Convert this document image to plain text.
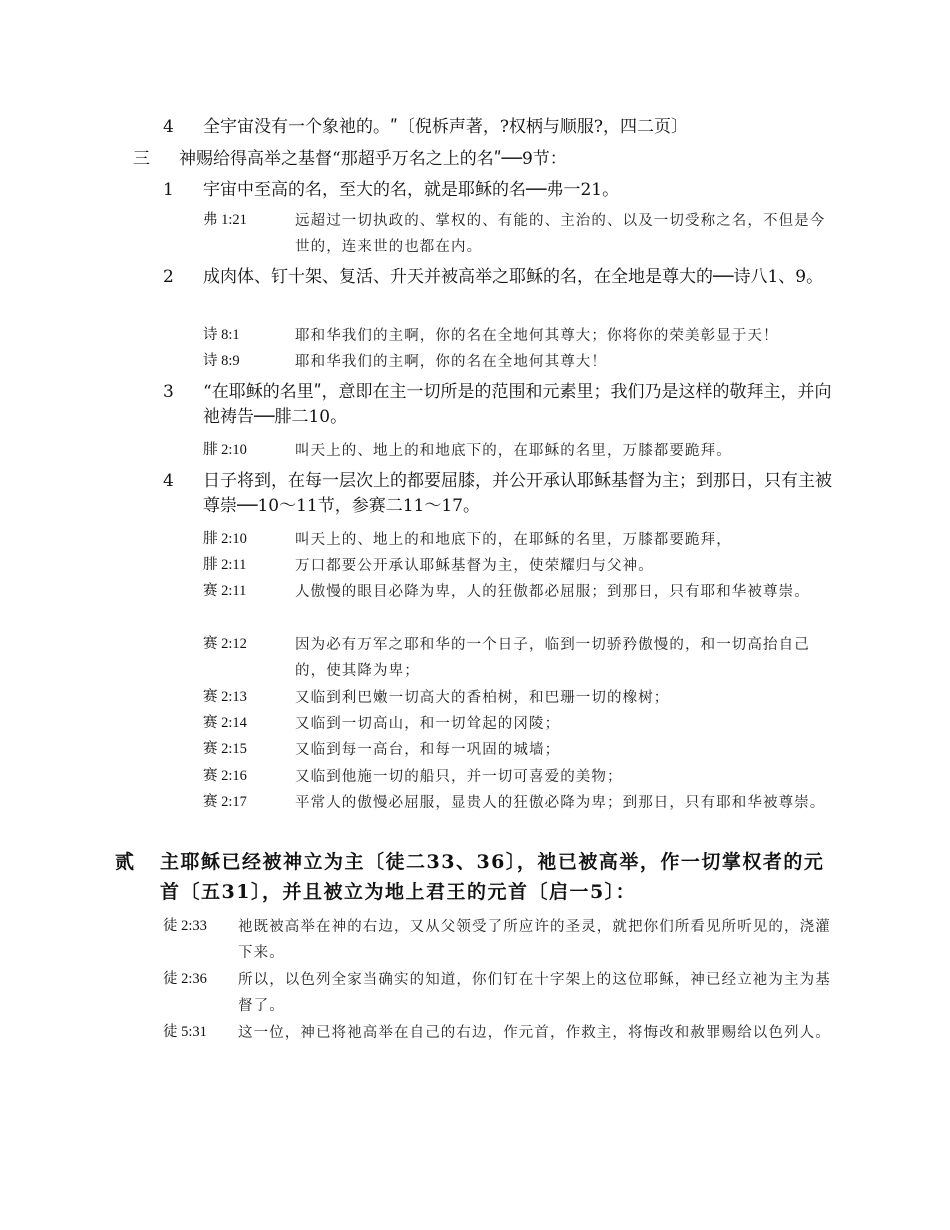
4	全宇宙没有一个象祂的。ʺ〔倪柝声著，?权柄与顺服?，四二页〕
三	神赐给得高举之基督“那超乎万名之上的名ʺ──9节：
1	宇宙中至高的名，至大的名，就是耶稣的名──弗一21。
弗 1:21	远超过一切执政的、掌权的、有能的、主治的、以及一切受称之名，不但是今世的，连来世的也都在内。
2	成肉体、钉十架、复活、升天并被高举之耶稣的名，在全地是尊大的──诗八1、9。
诗 8:1	耶和华我们的主啊，你的名在全地何其尊大；你将你的荣美彰显于天！
诗 8:9	耶和华我们的主啊，你的名在全地何其尊大！
3	“在耶稣的名里ʺ，意即在主一切所是的范围和元素里；我们乃是这样的敬拜主，并向祂祷告──腓二10。
腓 2:10	叫天上的、地上的和地底下的，在耶稣的名里，万膝都要跪拜。
4	日子将到，在每一层次上的都要屈膝，并公开承认耶稣基督为主；到那日，只有主被尊崇──10～11节，参赛二11～17。
腓 2:10	叫天上的、地上的和地底下的，在耶稣的名里，万膝都要跪拜，
腓 2:11	万口都要公开承认耶稣基督为主，使荣耀归与父神。
赛 2:11	人傲慢的眼目必降为卑，人的狂傲都必屈服；到那日，只有耶和华被尊崇。
赛 2:12	因为必有万军之耶和华的一个日子，临到一切骄矜傲慢的，和一切高抬自己的，使其降为卑；
赛 2:13	又临到利巴嫩一切高大的香柏树，和巴珊一切的橡树；
赛 2:14	又临到一切高山，和一切耸起的冈陵；
赛 2:15	又临到每一高台，和每一巩固的城墙；
赛 2:16	又临到他施一切的船只，并一切可喜爱的美物；
赛 2:17	平常人的傲慢必屈服，显贵人的狂傲必降为卑；到那日，只有耶和华被尊崇。
贰	主耶稣已经被神立为主〔徒二33、36〕，祂已被高举，作一切掌权者的元首〔五31〕，并且被立为地上君王的元首〔启一5〕：
徒 2:33	祂既被高举在神的右边，又从父领受了所应许的圣灵，就把你们所看见所听见的，浇灌下来。
徒 2:36	所以，以色列全家当确实的知道，你们钉在十字架上的这位耶稣，神已经立祂为主为基督了。
徒 5:31	这一位，神已将祂高举在自己的右边，作元首，作救主，将悔改和赦罪赐给以色列人。
